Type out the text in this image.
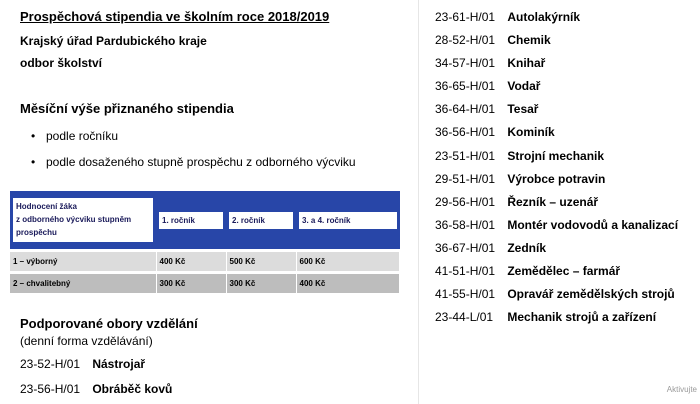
Prospěchová stipendia ve školním roce 2018/2019
Krajský úřad Pardubického kraje
odbor školství
Měsíční výše přiznaného stipendia
• podle ročníku
• podle dosaženého stupně prospěchu z odborného výcviku
Hodnocení žáka
z odborného výcviku stupněm
prospěchu	1. ročník	2. ročník	3. a 4. ročník

1 – výborný	400 Kč	500 Kč	600 Kč

2 – chvalitebný	300 Kč	300 Kč	400 Kč
Podporované obory vzdělání
(denní forma vzdělávání)
23-52-H/01 Nástrojař
23-56-H/01 Obráběč kovů
23-61-H/01 Autolakýrník
28-52-H/01 Chemik
34-57-H/01 Knihař
36-65-H/01 Vodař
36-64-H/01 Tesař
36-56-H/01 Kominík
23-51-H/01 Strojní mechanik
29-51-H/01 Výrobce potravin
29-56-H/01 Řezník – uzenář
36-58-H/01 Montér vodovodů a kanalizací
36-67-H/01 Zedník
41-51-H/01 Zemědělec – farmář
41-55-H/01 Opravář zemědělských strojů
23-44-L/01 Mechanik strojů a zařízení
Aktivujte
